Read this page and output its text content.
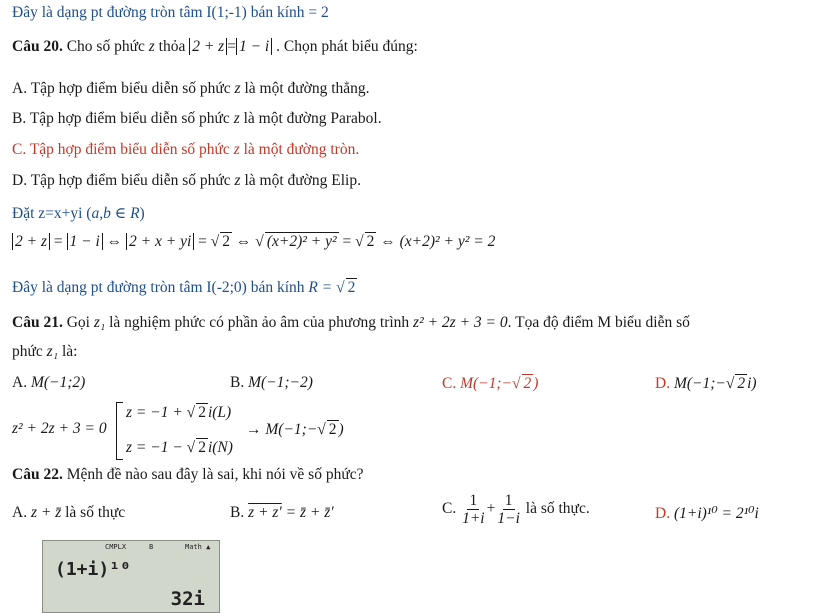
Đây là dạng pt đường tròn tâm I(1;-1) bán kính = 2
Câu 20. Cho số phức z thỏa 2 + z = 1 − i . Chọn phát biểu đúng:
A. Tập hợp điểm biểu diễn số phức z là một đường thẳng.
B. Tập hợp điểm biểu diễn số phức z là một đường Parabol.
C. Tập hợp điểm biểu diễn số phức z là một đường tròn.
D. Tập hợp điểm biểu diễn số phức z là một đường Elip.
Đặt z=x+yi (a,b ∈ R)
2 + z = 1 − i ⇔ 2 + x + yi = √ 2 ⇔ √ (x+2)² + y² = √ 2 ⇔ (x+2)² + y² = 2
Đây là dạng pt đường tròn tâm I(-2;0) bán kính R = √ 2
Câu 21. Gọi z₁ là nghiệm phức có phần ảo âm của phương trình z² + 2z + 3 = 0. Tọa độ điểm M biểu diễn số
phức z₁ là:
A. M(−1;2)	B. M(−1;−2)	C. M(−1;−√ 2 )	D. M(−1;−√ 2 i)
z² + 2z + 3 = 0
z = −1 + √ 2 i(L)
z = −1 − √ 2 i(N)
→ M(−1;−√ 2 )
Câu 22. Mệnh đề nào sau đây là sai, khi nói về số phức?
A. z + z̄ là số thực	B. z + z′ = z̄ + z̄′	C. $\frac{1}{1+i} + \frac{1}{1-i}$ là số thực.	D. (1+i)¹⁰ = 2¹⁰i
CMPLX	B	Math ▲
(1+i)¹⁰
32i
